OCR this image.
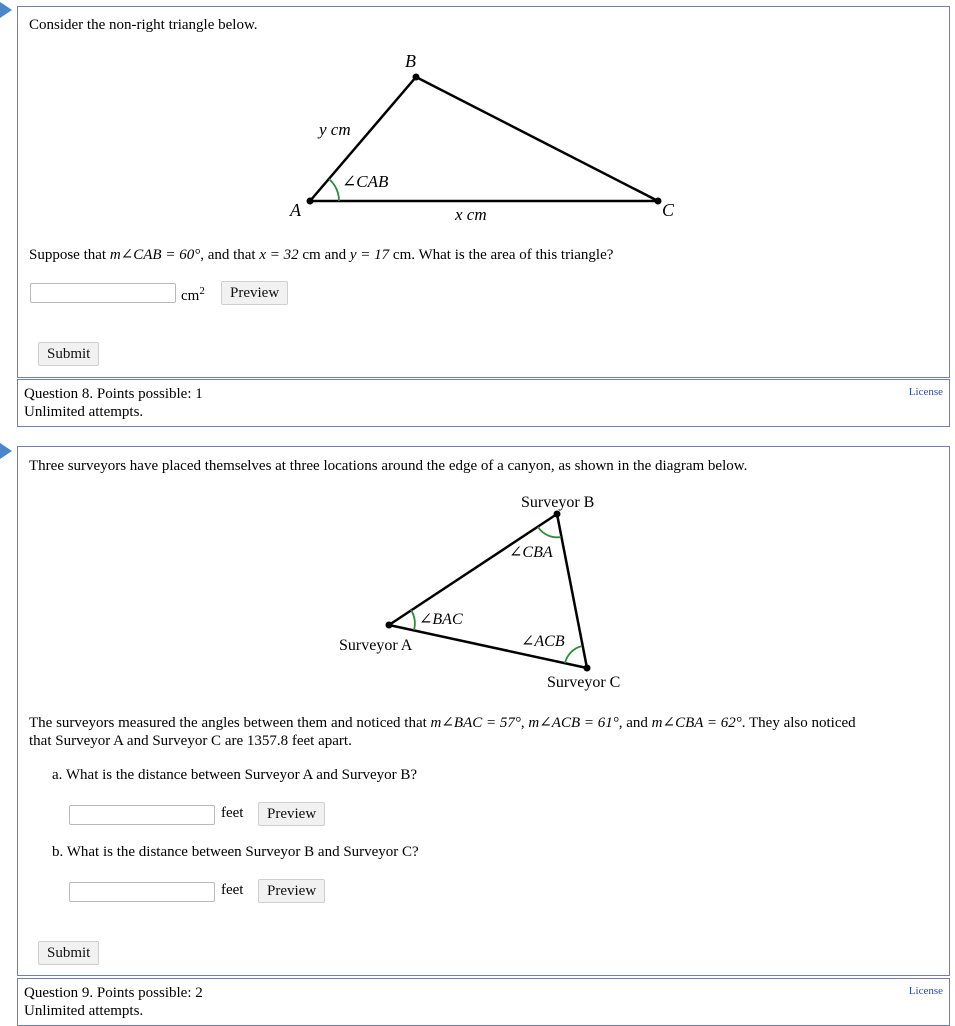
Consider the non-right triangle below.
B
A	C
y cm
x cm
∠CAB
Suppose that m∠CAB = 60°, and that x = 32 cm and y = 17 cm. What is the area of this triangle?
$cm^2$	Preview
Submit
Question 8. Points possible: 1
Unlimited attempts.
License
Three surveyors have placed themselves at three locations around the edge of a canyon, as shown in the diagram below.
Surveyor B
Surveyor A
Surveyor C
∠CBA
∠BAC
∠ACB
The surveyors measured the angles between them and noticed that m∠BAC = 57°, m∠ACB = 61°, and m∠CBA = 62°. They also noticed
that Surveyor A and Surveyor C are 1357.8 feet apart.
a. What is the distance between Surveyor A and Surveyor B?
feet	Preview
b. What is the distance between Surveyor B and Surveyor C?
feet	Preview
Submit
Question 9. Points possible: 2
Unlimited attempts.
License
